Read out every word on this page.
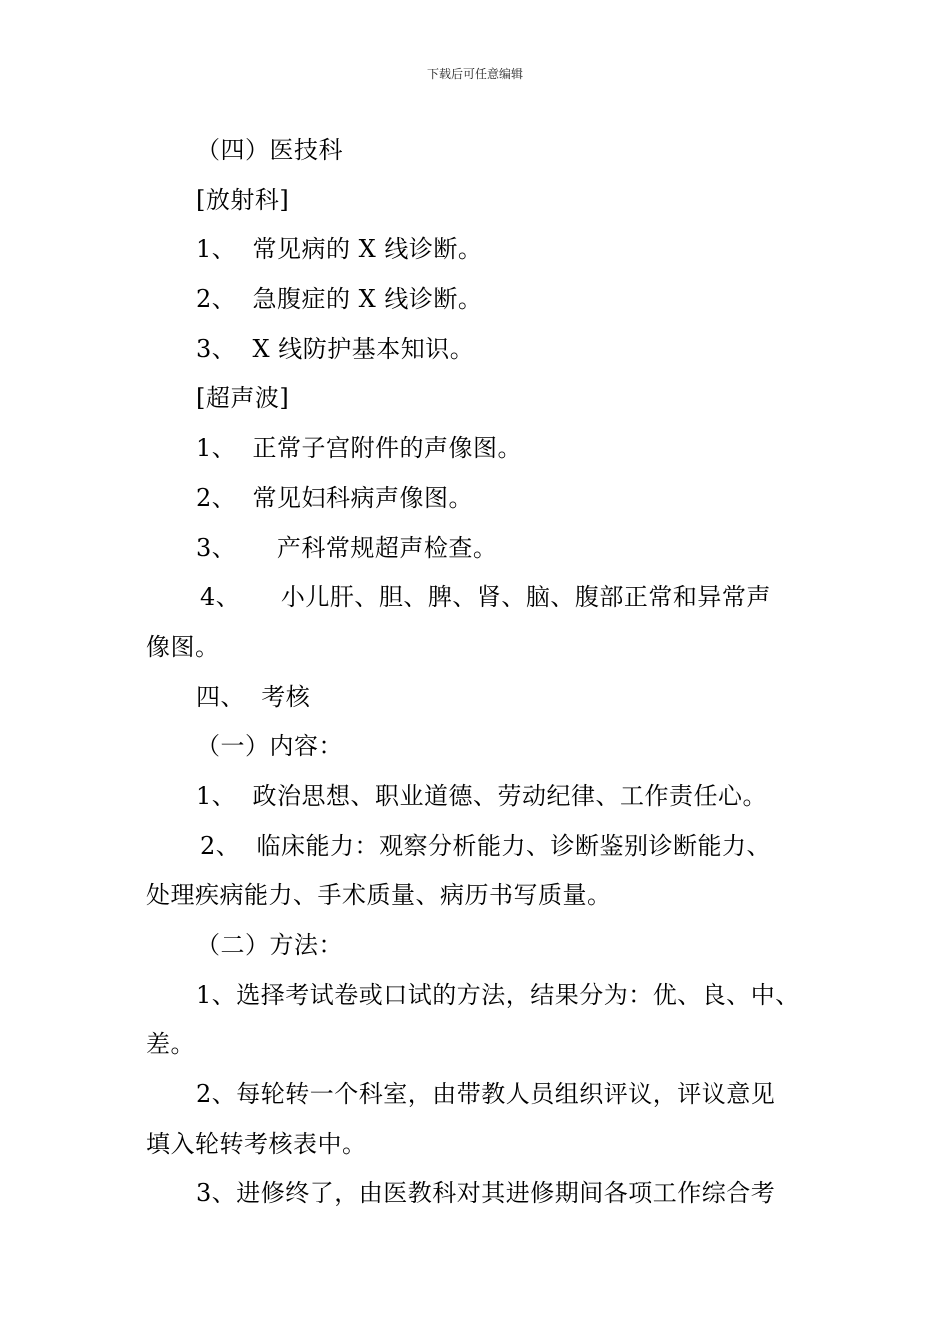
下载后可任意编辑
（四）医技科
[放射科]
1、  常见病的 X 线诊断。
2、  急腹症的 X 线诊断。
3、  X 线防护基本知识。
[超声波]
1、  正常子宫附件的声像图。
2、  常见妇科病声像图。
3、     产科常规超声检查。
4、     小儿肝、胆、脾、肾、脑、腹部正常和异常声
像图。
四、  考核
（一）内容：
1、  政治思想、职业道德、劳动纪律、工作责任心。
2、  临床能力：观察分析能力、诊断鉴别诊断能力、
处理疾病能力、手术质量、病历书写质量。
（二）方法：
1、选择考试卷或口试的方法，结果分为：优、良、中、
差。
2、每轮转一个科室，由带教人员组织评议，评议意见
填入轮转考核表中。
3、进修终了，由医教科对其进修期间各项工作综合考
